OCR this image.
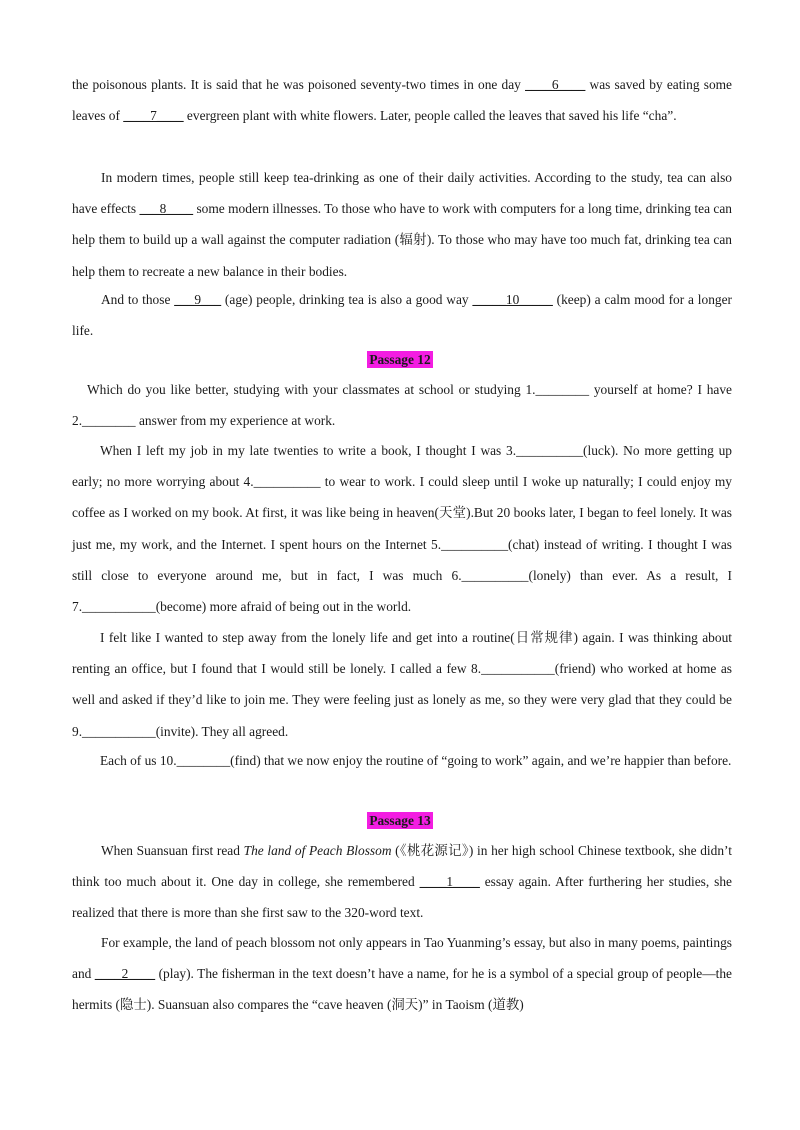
the poisonous plants. It is said that he was poisoned seventy-two times in one day ____6____ was saved by eating some leaves of ____7____ evergreen plant with white flowers. Later, people called the leaves that saved his life “cha”.

In modern times, people still keep tea-drinking as one of their daily activities. According to the study, tea can also have effects ___8____ some modern illnesses. To those who have to work with computers for a long time, drinking tea can help them to build up a wall against the computer radiation (辐射). To those who may have too much fat, drinking tea can help them to recreate a new balance in their bodies.

And to those ___9___ (age) people, drinking tea is also a good way _____10_____ (keep) a calm mood for a longer life.

Passage 12

Which do you like better, studying with your classmates at school or studying 1.________ yourself at home? I have 2.________ answer from my experience at work.

When I left my job in my late twenties to write a book, I thought I was 3.__________(luck). No more getting up early; no more worrying about 4.__________ to wear to work. I could sleep until I woke up naturally; I could enjoy my coffee as I worked on my book. At first, it was like being in heaven(天堂).But 20 books later, I began to feel lonely. It was just me, my work, and the Internet. I spent hours on the Internet 5.__________(chat) instead of writing. I thought I was still close to everyone around me, but in fact, I was much 6.__________(lonely) than ever. As a result, I 7.___________(become) more afraid of being out in the world.

I felt like I wanted to step away from the lonely life and get into a routine(日常规律) again. I was thinking about renting an office, but I found that I would still be lonely. I called a few 8.___________(friend) who worked at home as well and asked if they’d like to join me. They were feeling just as lonely as me, so they were very glad that they could be 9.___________(invite). They all agreed.

Each of us 10.________(find) that we now enjoy the routine of “going to work” again, and we’re happier than before.

Passage 13

When Suansuan first read The land of Peach Blossom (《桃花源记》) in her high school Chinese textbook, she didn’t think too much about it. One day in college, she remembered ____1____ essay again. After furthering her studies, she realized that there is more than she first saw to the 320-word text.

For example, the land of peach blossom not only appears in Tao Yuanming’s essay, but also in many poems, paintings and ____2____ (play). The fisherman in the text doesn’t have a name, for he is a symbol of a special group of people—the hermits (隐士). Suansuan also compares the “cave heaven (洞天)” in Taoism (道教)
